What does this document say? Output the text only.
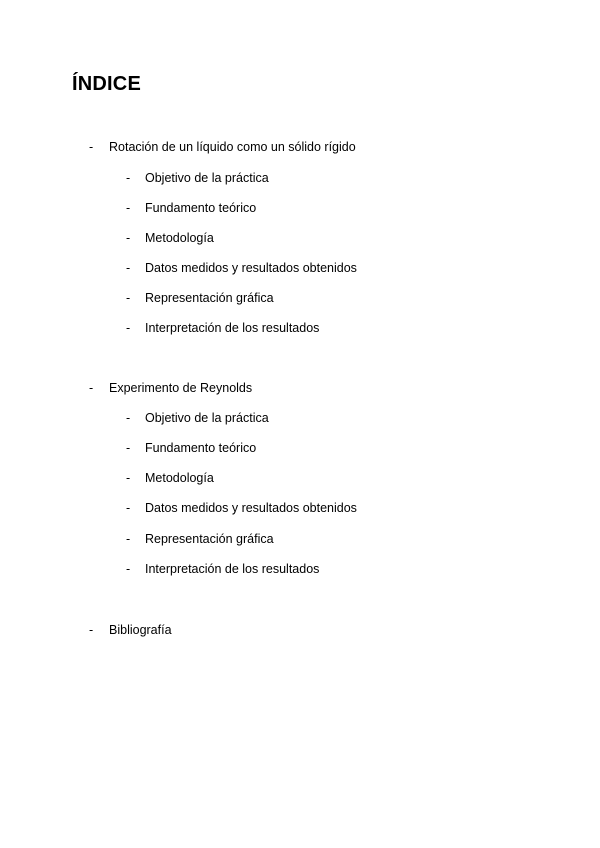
ÍNDICE
- Rotación de un líquido como un sólido rígido
- Objetivo de la práctica
- Fundamento teórico
- Metodología
- Datos medidos y resultados obtenidos
- Representación gráfica
- Interpretación de los resultados
- Experimento de Reynolds
- Objetivo de la práctica
- Fundamento teórico
- Metodología
- Datos medidos y resultados obtenidos
- Representación gráfica
- Interpretación de los resultados
- Bibliografía
